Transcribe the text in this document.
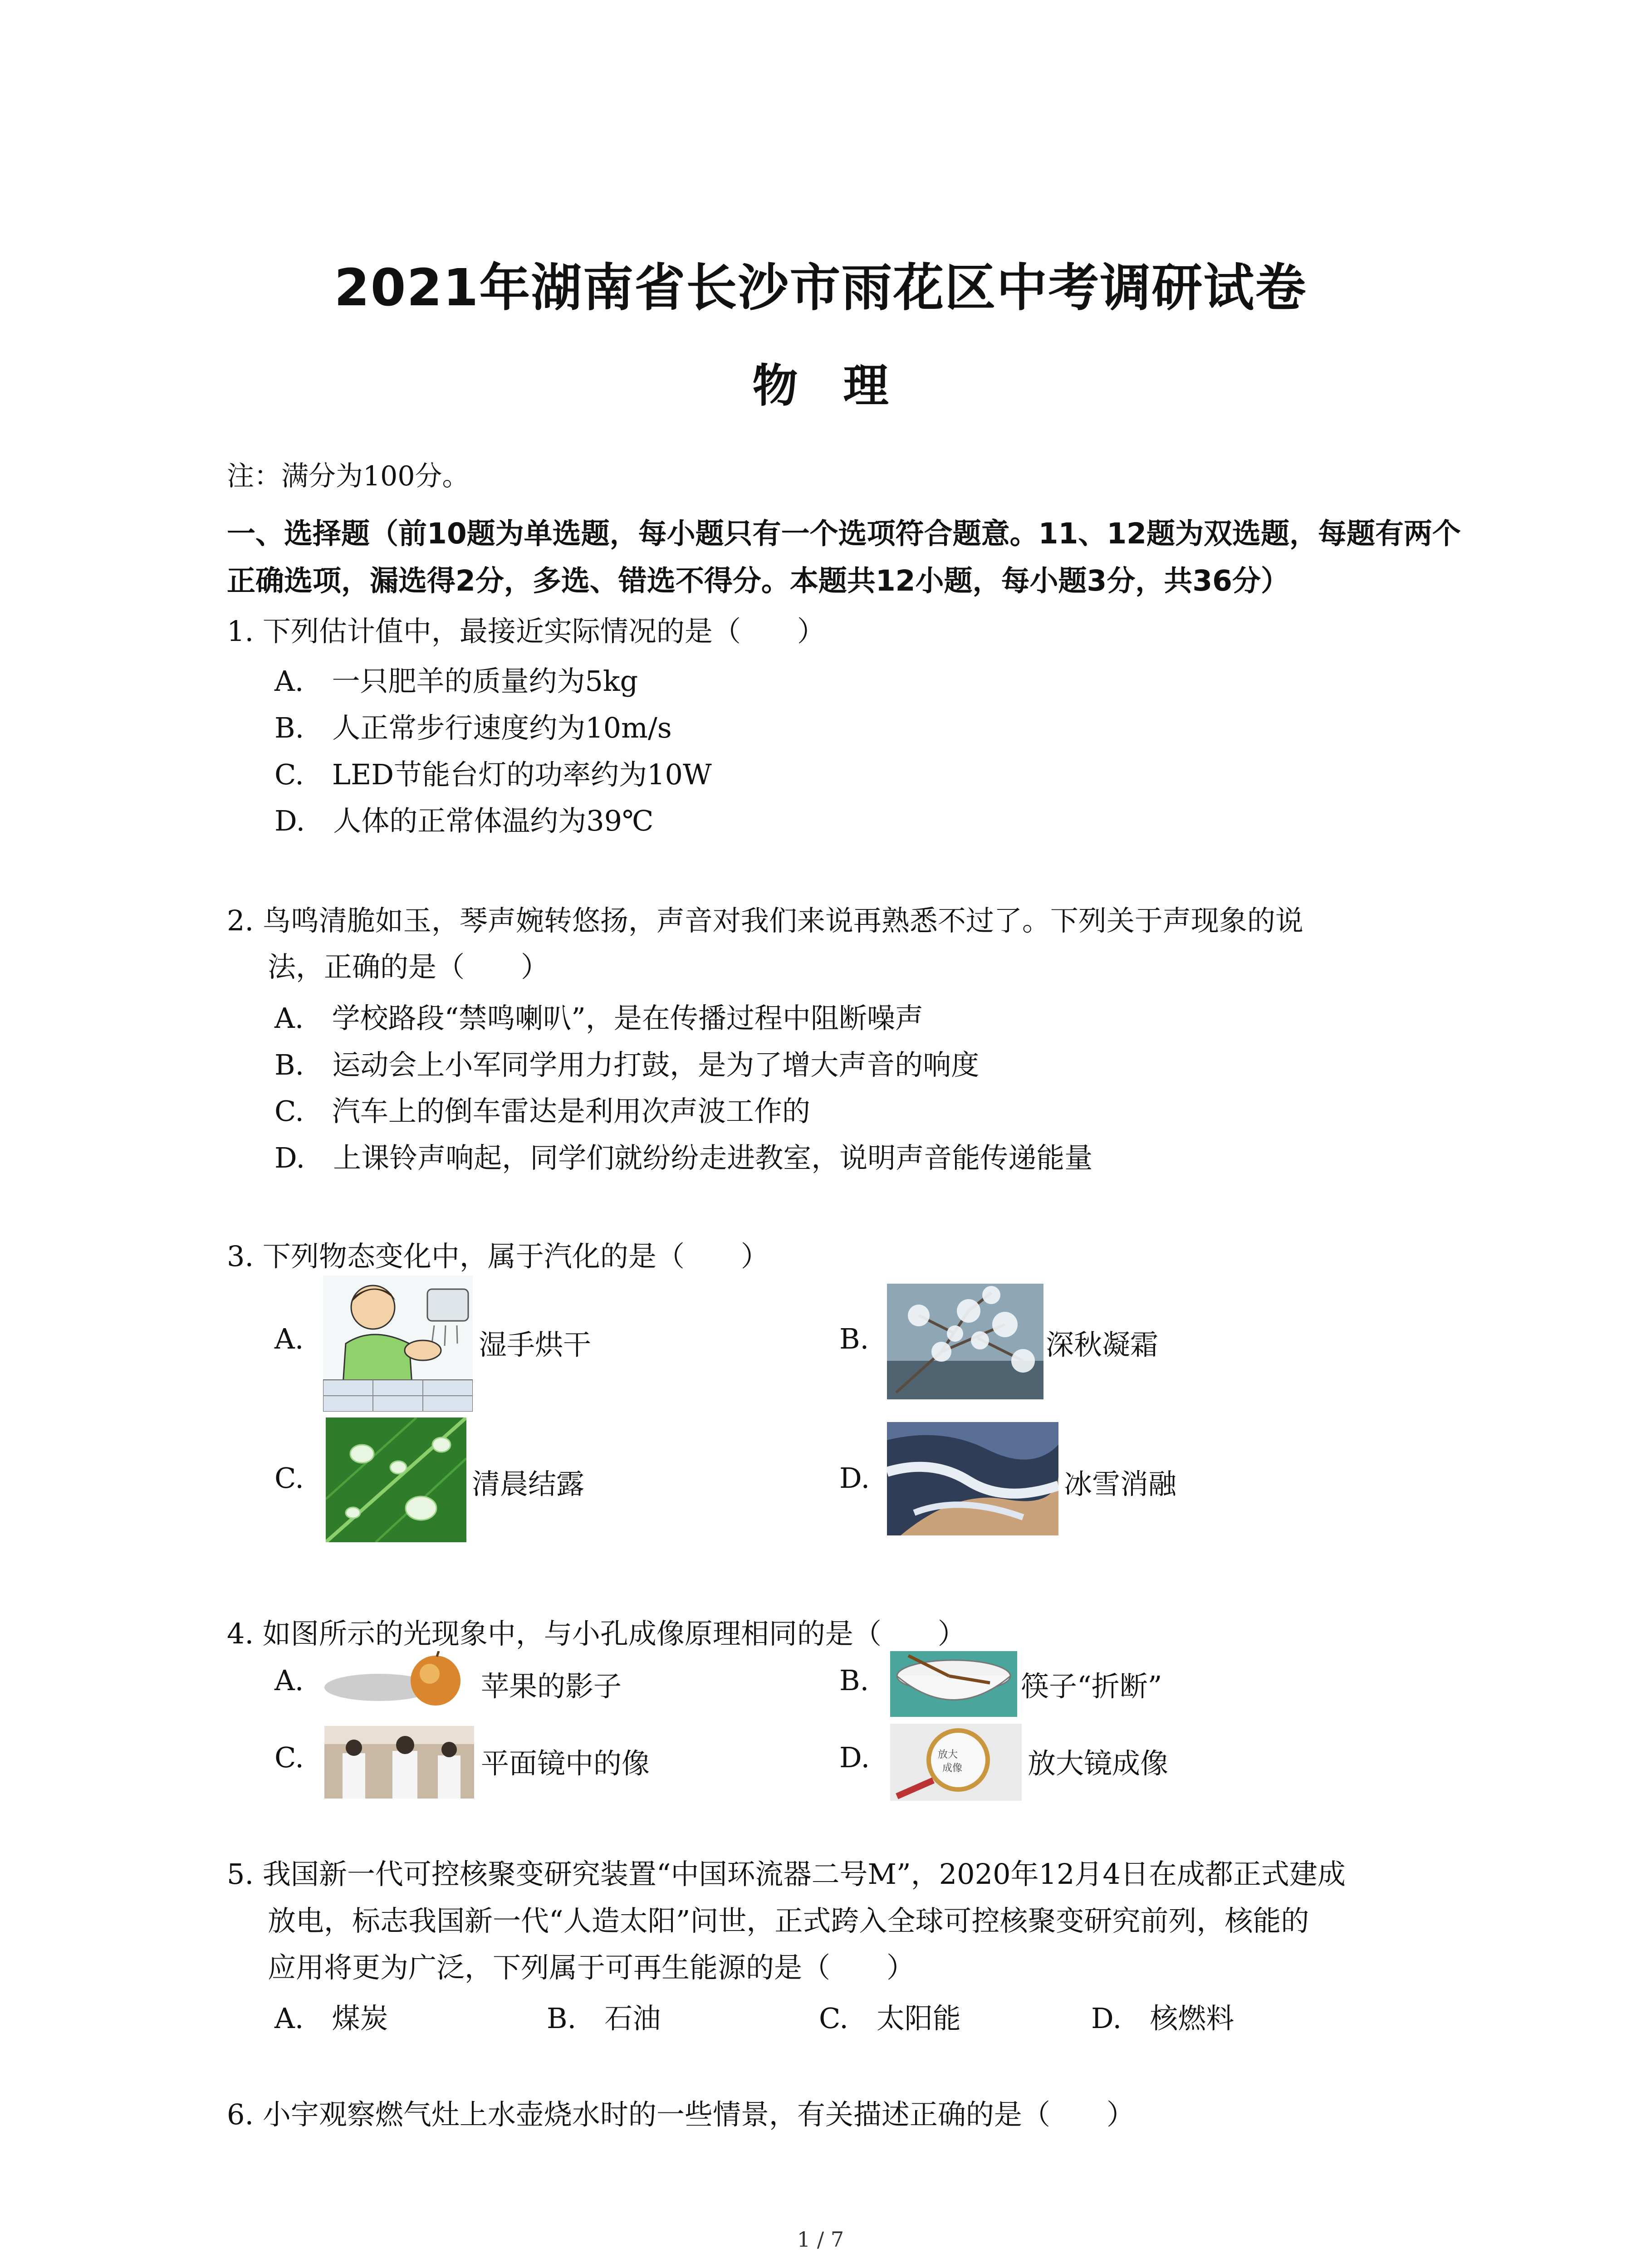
2021年湖南省长沙市雨花区中考调研试卷
物　理
注：满分为100分。
一、选择题（前10题为单选题，每小题只有一个选项符合题意。11、12题为双选题，每题有两个正确选项，漏选得2分，多选、错选不得分。本题共12小题，每小题3分，共36分）
1. 下列估计值中，最接近实际情况的是（　　）
A.　一只肥羊的质量约为5kg
B.　人正常步行速度约为10m/s
C.　LED节能台灯的功率约为10W
D.　人体的正常体温约为39℃
2. 鸟鸣清脆如玉，琴声婉转悠扬，声音对我们来说再熟悉不过了。下列关于声现象的说
法，正确的是（　　）
A.　学校路段“禁鸣喇叭”，是在传播过程中阻断噪声
B.　运动会上小军同学用力打鼓，是为了增大声音的响度
C.　汽车上的倒车雷达是利用次声波工作的
D.　上课铃声响起，同学们就纷纷走进教室，说明声音能传递能量
3. 下列物态变化中，属于汽化的是（　　）
A.	湿手烘干	B.	深秋凝霜
C.	清晨结露	D.	冰雪消融
4. 如图所示的光现象中，与小孔成像原理相同的是（　　）
A.	苹果的影子	B.	筷子“折断”
C.	平面镜中的像	D.	放大
成像 放大镜成像
5. 我国新一代可控核聚变研究装置“中国环流器二号M”，2020年12月4日在成都正式建成
放电，标志我国新一代“人造太阳”问世，正式跨入全球可控核聚变研究前列，核能的
应用将更为广泛，下列属于可再生能源的是（　　）
A.　煤炭	B.　石油	C.　太阳能	D.　核燃料
6. 小宇观察燃气灶上水壶烧水时的一些情景，有关描述正确的是（　　）
1 / 7
